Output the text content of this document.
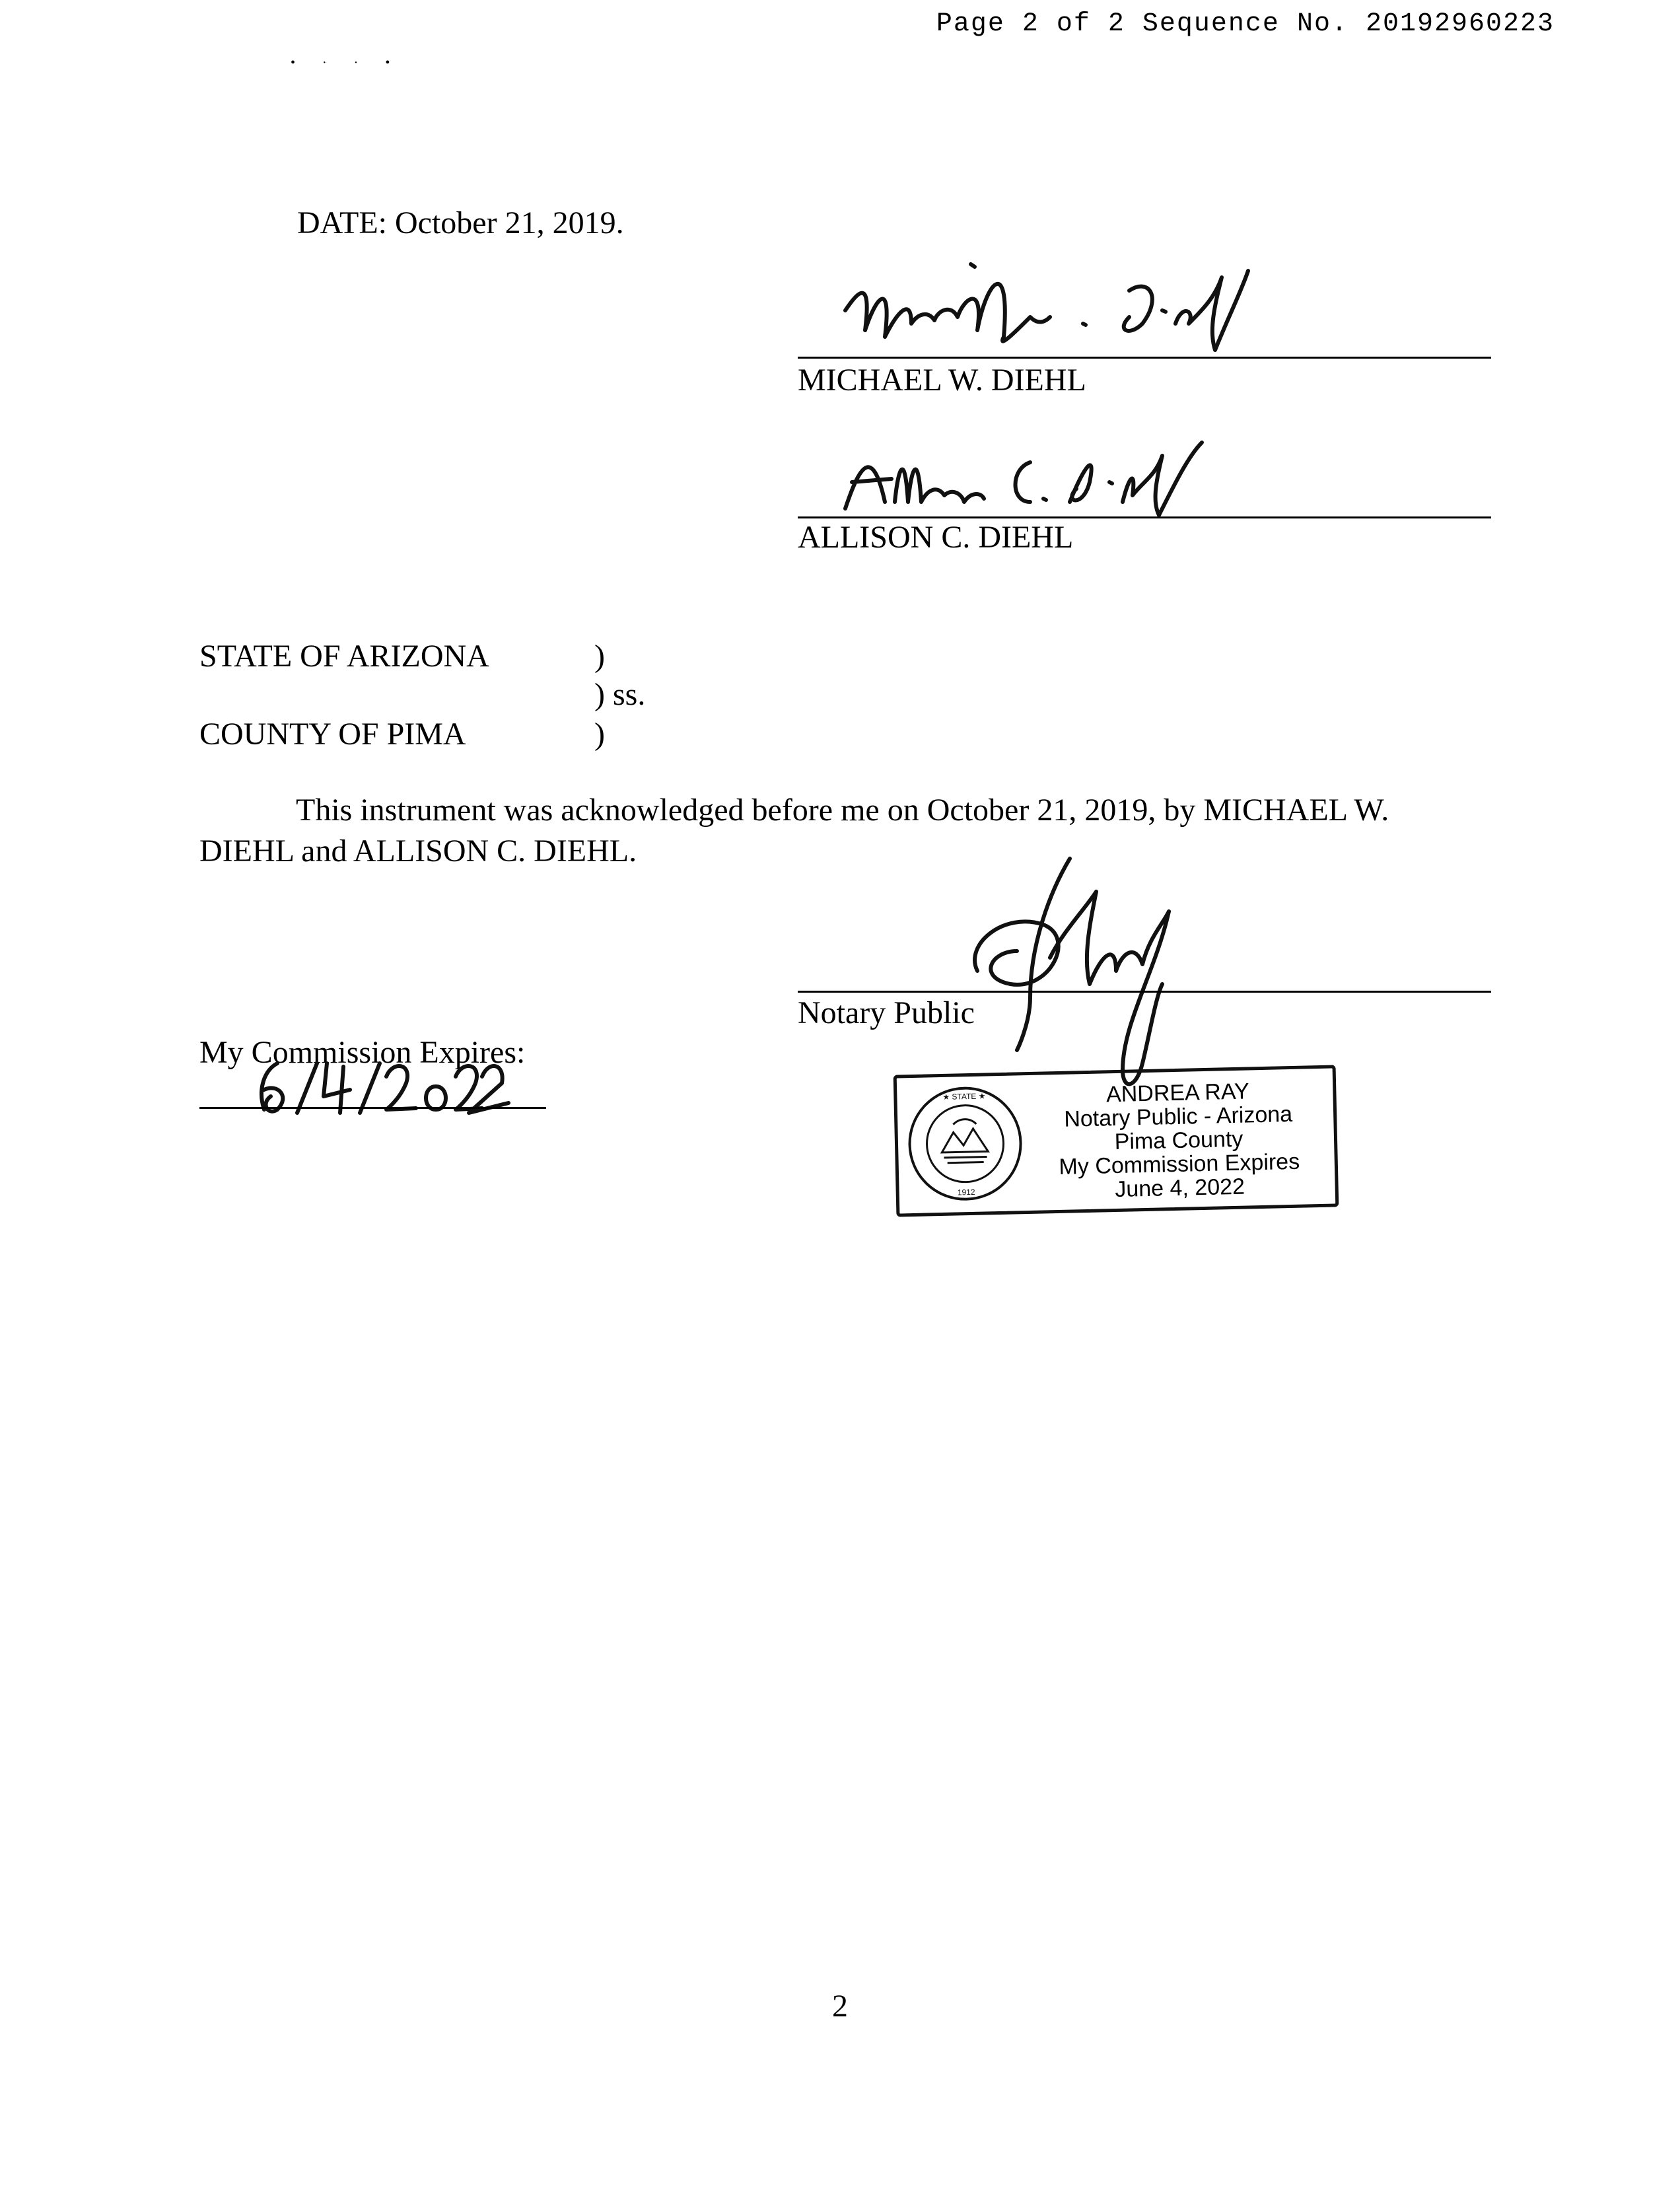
Page 2 of 2 Sequence No. 20192960223
• · · •
DATE: October 21, 2019.
MICHAEL W. DIEHL
ALLISON C. DIEHL
STATE OF ARIZONA	)
) ss.
COUNTY OF PIMA	)
This instrument was acknowledged before me on October 21, 2019, by MICHAEL W. DIEHL and ALLISON C. DIEHL.
Notary Public
My Commission Expires:
★ STATE ★
1912
ANDREA RAY
Notary Public - Arizona
Pima County
My Commission Expires
June 4, 2022
2
